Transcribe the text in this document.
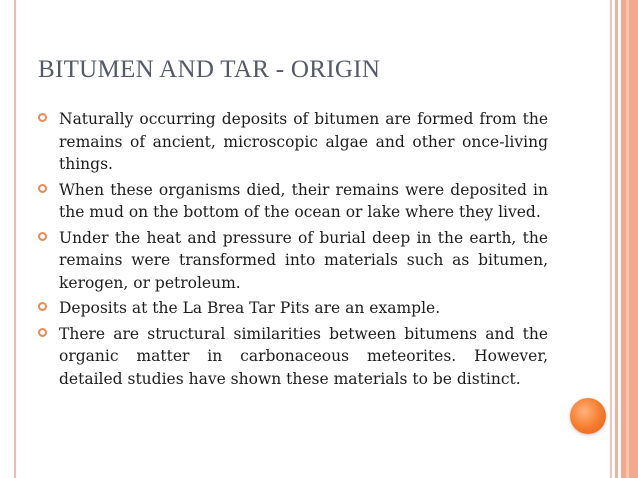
BITUMEN AND TAR - ORIGIN
Naturally occurring deposits of bitumen are formed from the remains of ancient, microscopic algae and other once-living things.
When these organisms died, their remains were deposited in the mud on the bottom of the ocean or lake where they lived.
Under the heat and pressure of burial deep in the earth, the remains were transformed into materials such as bitumen, kerogen, or petroleum.
Deposits at the La Brea Tar Pits are an example.
There are structural similarities between bitumens and the organic matter in carbonaceous meteorites. However, detailed studies have shown these materials to be distinct.
